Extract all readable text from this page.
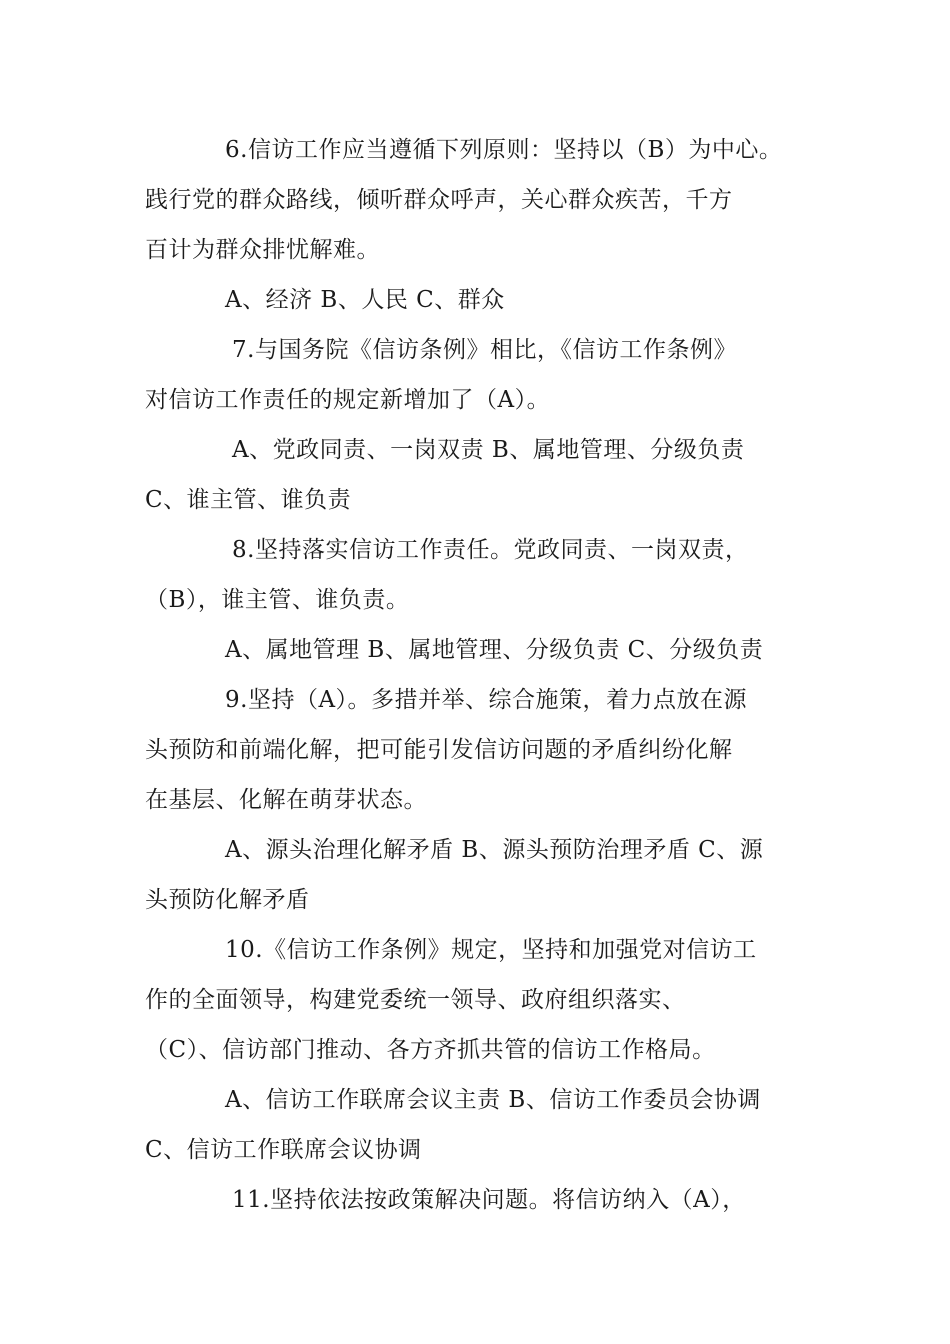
6.信访工作应当遵循下列原则：坚持以（B）为中心。
践行党的群众路线，倾听群众呼声，关心群众疾苦，千方
百计为群众排忧解难。
A、经济 B、人民 C、群众
7.与国务院《信访条例》相比，《信访工作条例》
对信访工作责任的规定新增加了（A）。
A、党政同责、一岗双责 B、属地管理、分级负责
C、谁主管、谁负责
8.坚持落实信访工作责任。党政同责、一岗双责，
（B），谁主管、谁负责。
A、属地管理 B、属地管理、分级负责 C、分级负责
9.坚持（A）。多措并举、综合施策，着力点放在源
头预防和前端化解，把可能引发信访问题的矛盾纠纷化解
在基层、化解在萌芽状态。
A、源头治理化解矛盾 B、源头预防治理矛盾 C、源
头预防化解矛盾
10.《信访工作条例》规定，坚持和加强党对信访工
作的全面领导，构建党委统一领导、政府组织落实、
（C）、信访部门推动、各方齐抓共管的信访工作格局。
A、信访工作联席会议主责 B、信访工作委员会协调
C、信访工作联席会议协调
11.坚持依法按政策解决问题。将信访纳入（A），
